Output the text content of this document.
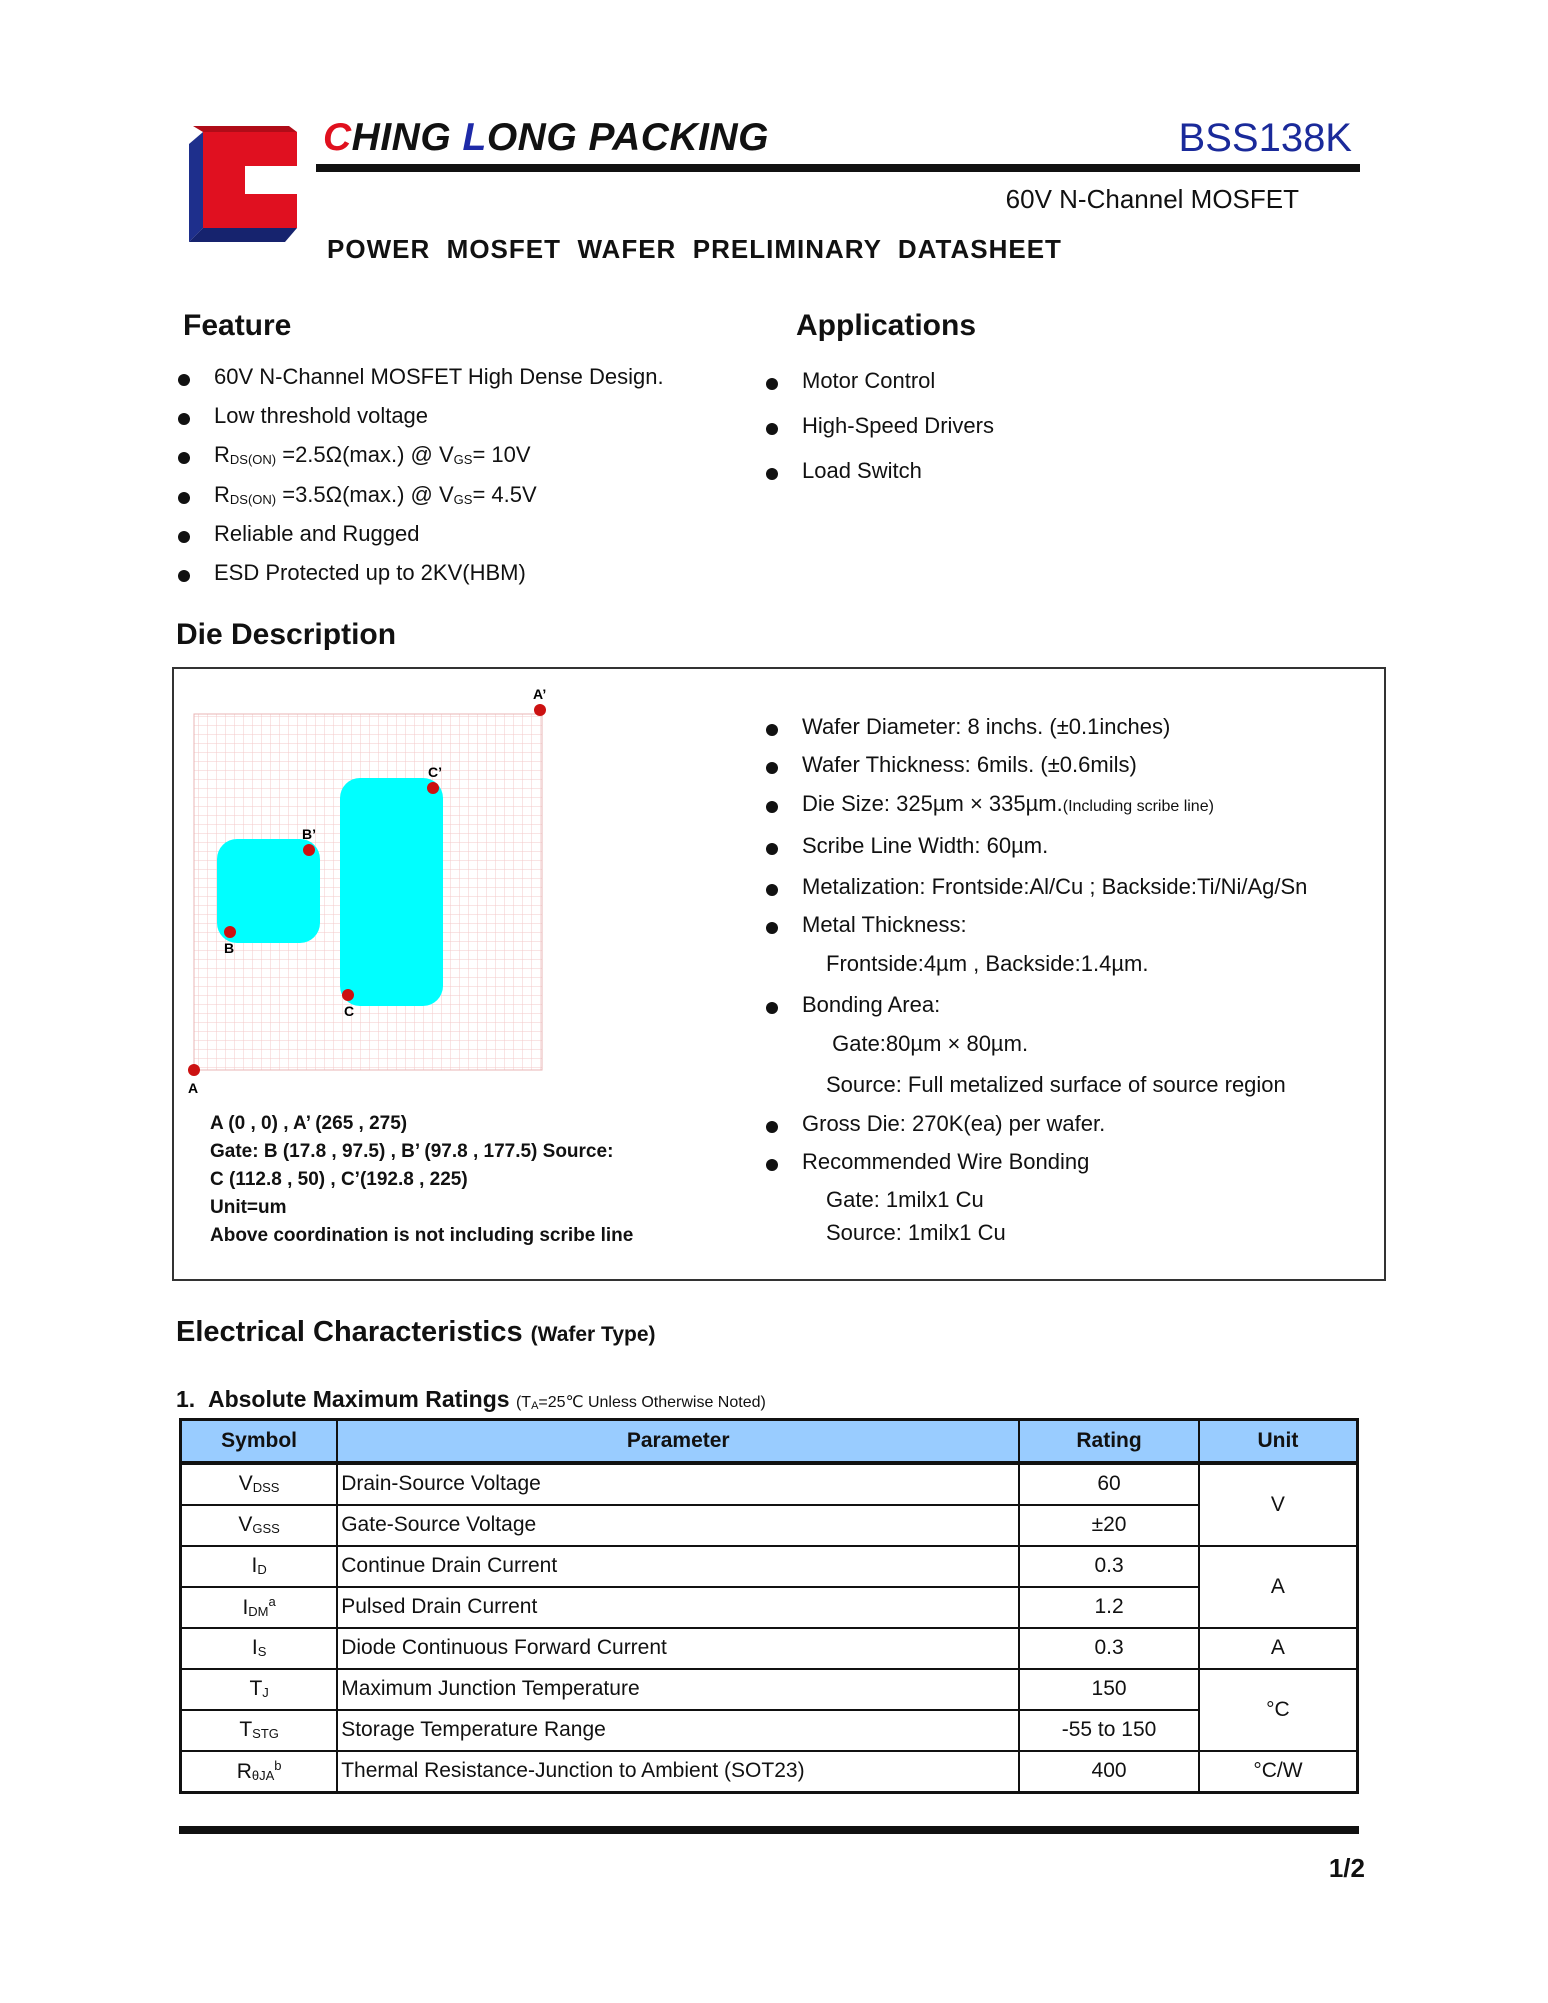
CHING LONG PACKING	BSS138K
60V N-Channel MOSFET
POWER  MOSFET  WAFER  PRELIMINARY  DATASHEET
Feature
60V N-Channel MOSFET High Dense Design.
Low threshold voltage
$R_{DS(ON)} =2.5\Omega(\max.)$ @ $V_{GS}= 10V$
$R_{DS(ON)} =3.5\Omega(\max.)$ @ $V_{GS}= 4.5V$
Reliable and Rugged
ESD Protected up to 2KV(HBM)
Applications
Motor Control
High-Speed Drivers
Load Switch
Die Description
A
A’
B
B’
C
C’
A (0 , 0) , A’ (265 , 275)
Gate: B (17.8 , 97.5) , B’ (97.8 , 177.5) Source:
C (112.8 , 50) , C’(192.8 , 225)
Unit=um
Above coordination is not including scribe line
Wafer Diameter: 8 inchs. (±0.1inches)
Wafer Thickness: 6mils. (±0.6mils)
Die Size: 325µm × 335µm.(Including scribe line)
Scribe Line Width: 60µm.
Metalization: Frontside:Al/Cu ; Backside:Ti/Ni/Ag/Sn
Metal Thickness:
Frontside:4µm , Backside:1.4µm.
Bonding Area:
Gate:80µm × 80µm.
Source: Full metalized surface of source region
Gross Die: 270K(ea) per wafer.
Recommended Wire Bonding
Gate: 1milx1 Cu
Source: 1milx1 Cu
Electrical Characteristics (Wafer Type)
1. Absolute Maximum Ratings ($T_A=25℃$ Unless Otherwise Noted)
Symbol	Parameter	Rating	Unit
$V_{DSS}$	Drain-Source Voltage	60	V
$V_{GSS}$	Gate-Source Voltage	±20	
$I_D$	Continue Drain Current	0.3	A
$I_{DM}^a$	Pulsed Drain Current	1.2	
$I_S$	Diode Continuous Forward Current	0.3	A
$T_J$	Maximum Junction Temperature	150	°C
$T_{STG}$	Storage Temperature Range	-55 to 150	
$R_{\theta JA}^b$	Thermal Resistance-Junction to Ambient (SOT23)	400	°C/W
1/2
